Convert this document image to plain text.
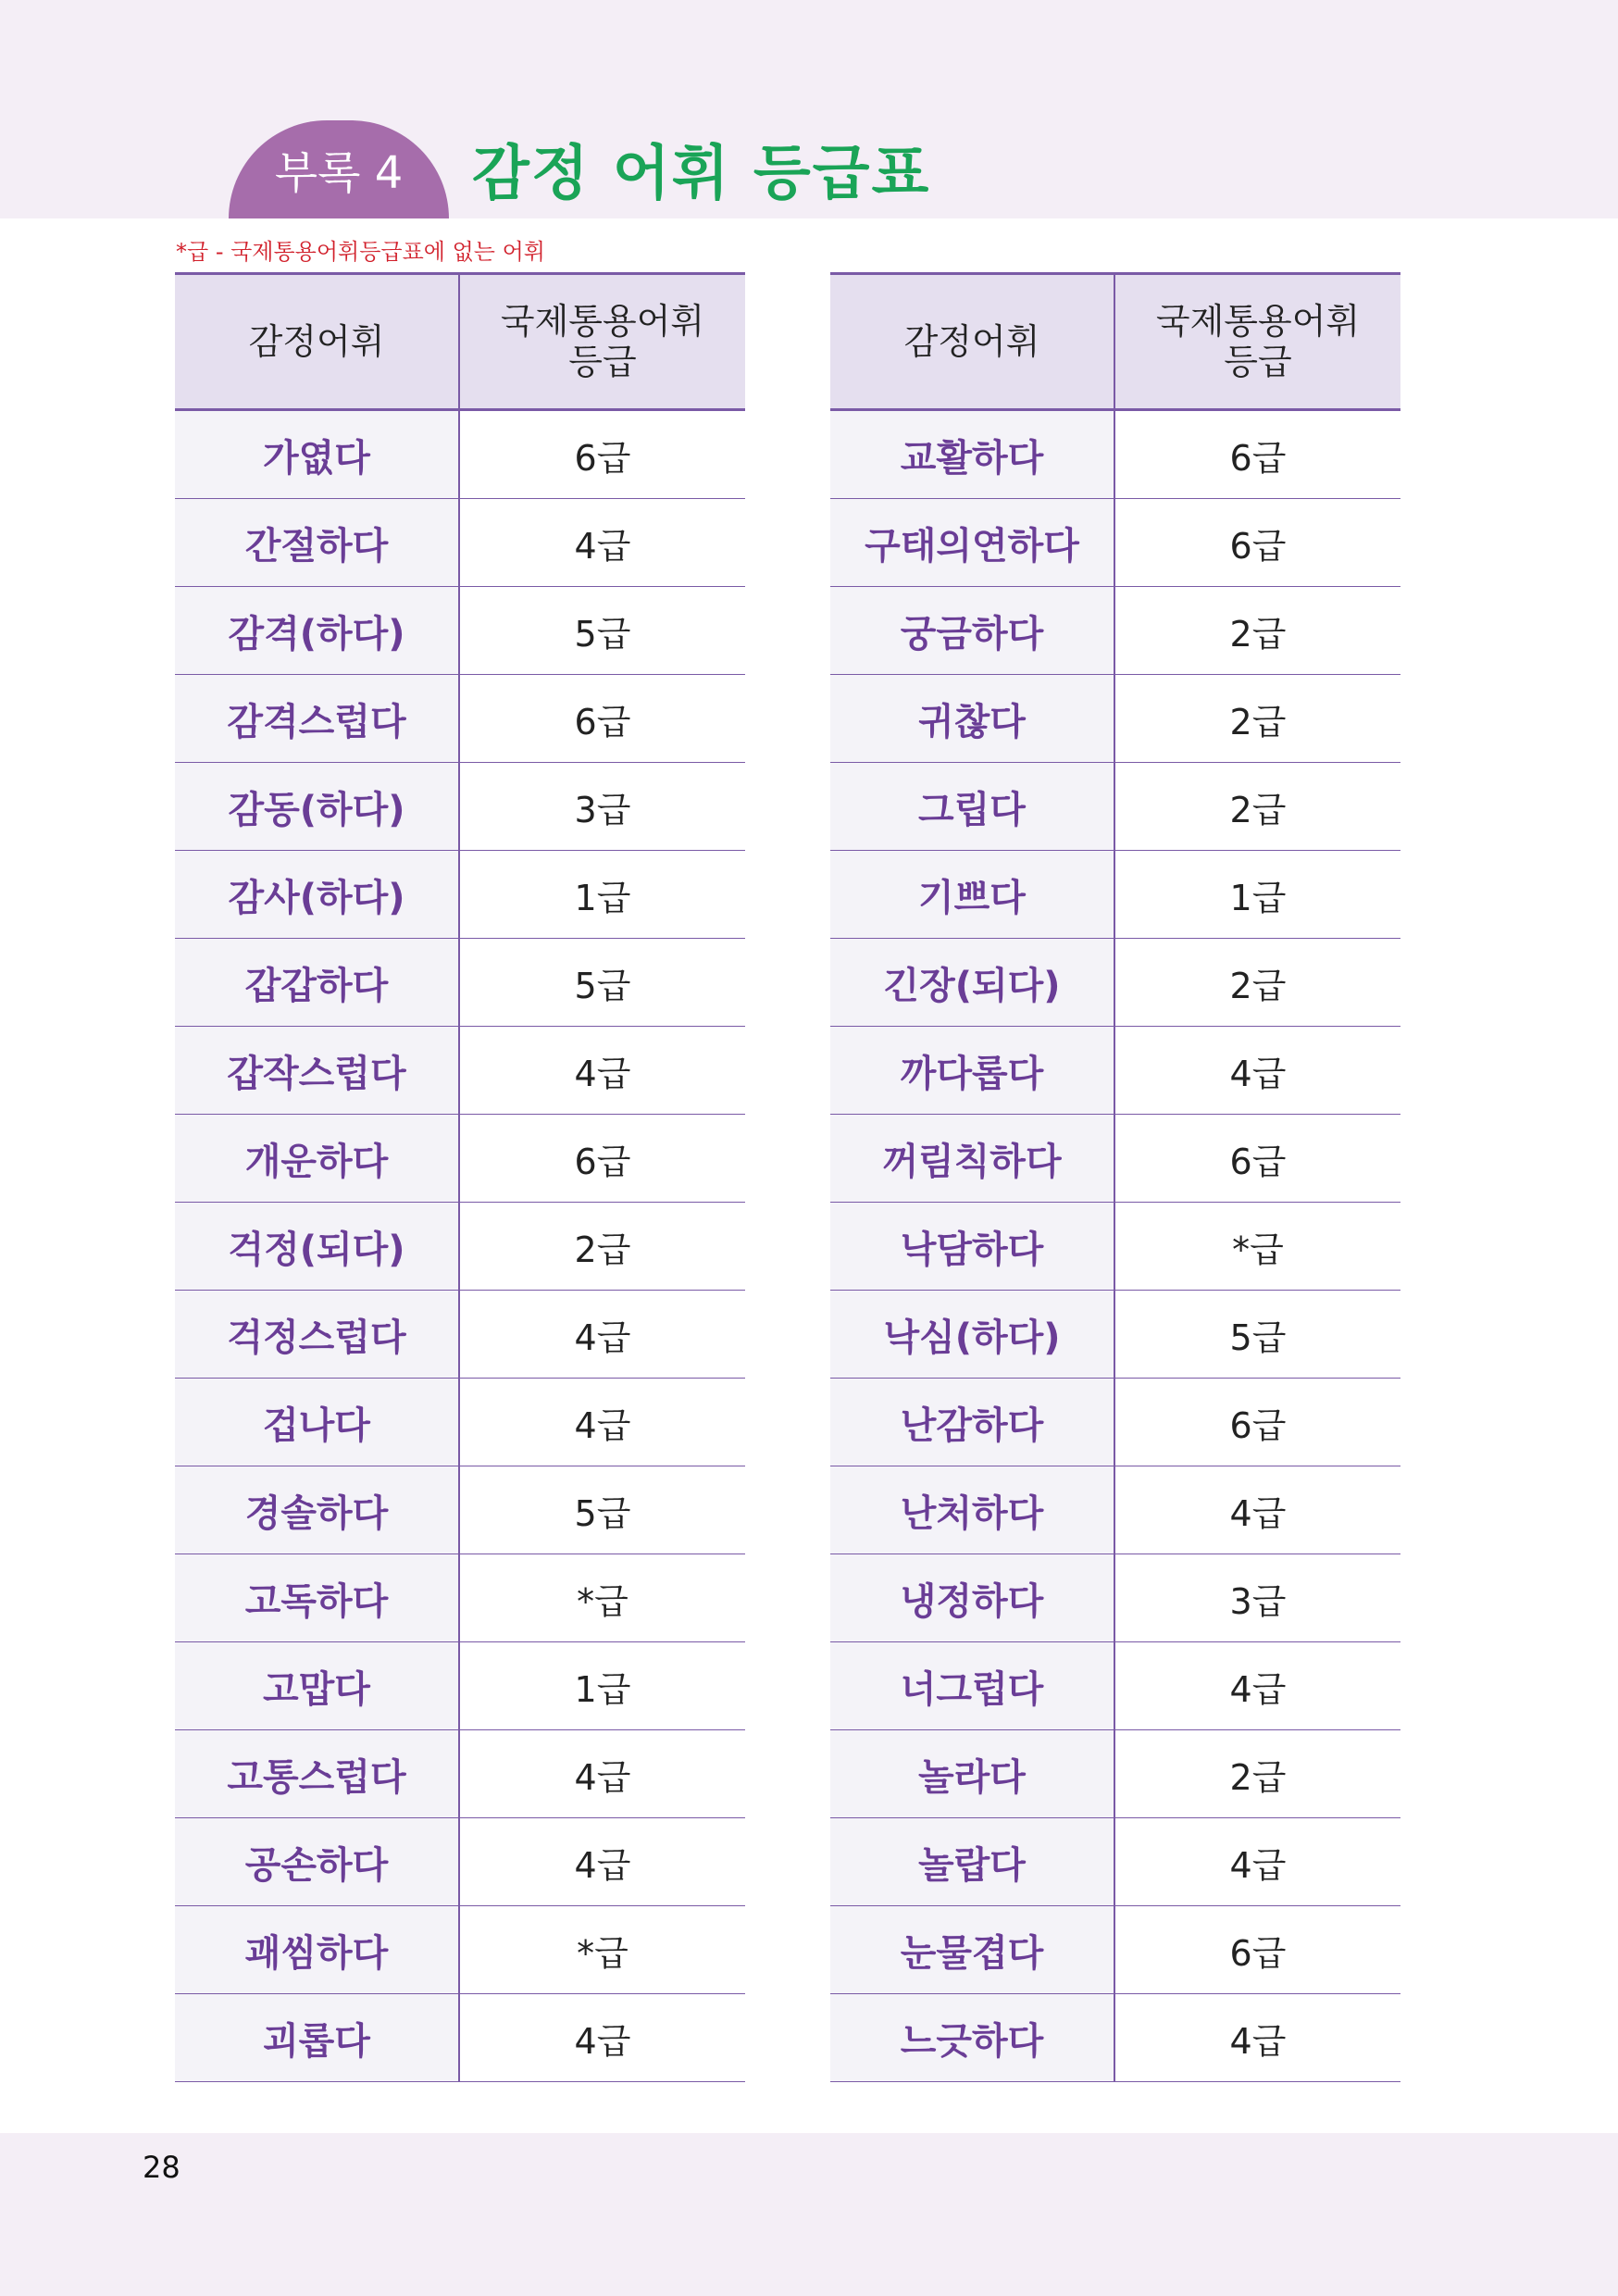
부록 4 감정 어휘 등급표
*급 - 국제통용어휘등급표에 없는 어휘
감정어휘	국제통용어휘
등급
가엾다	6급
간절하다	4급
감격(하다)	5급
감격스럽다	6급
감동(하다)	3급
감사(하다)	1급
갑갑하다	5급
갑작스럽다	4급
개운하다	6급
걱정(되다)	2급
걱정스럽다	4급
겁나다	4급
경솔하다	5급
고독하다	*급
고맙다	1급
고통스럽다	4급
공손하다	4급
괘씸하다	*급
괴롭다	4급
감정어휘	국제통용어휘
등급
교활하다	6급
구태의연하다	6급
궁금하다	2급
귀찮다	2급
그립다	2급
기쁘다	1급
긴장(되다)	2급
까다롭다	4급
꺼림칙하다	6급
낙담하다	*급
낙심(하다)	5급
난감하다	6급
난처하다	4급
냉정하다	3급
너그럽다	4급
놀라다	2급
놀랍다	4급
눈물겹다	6급
느긋하다	4급
28
